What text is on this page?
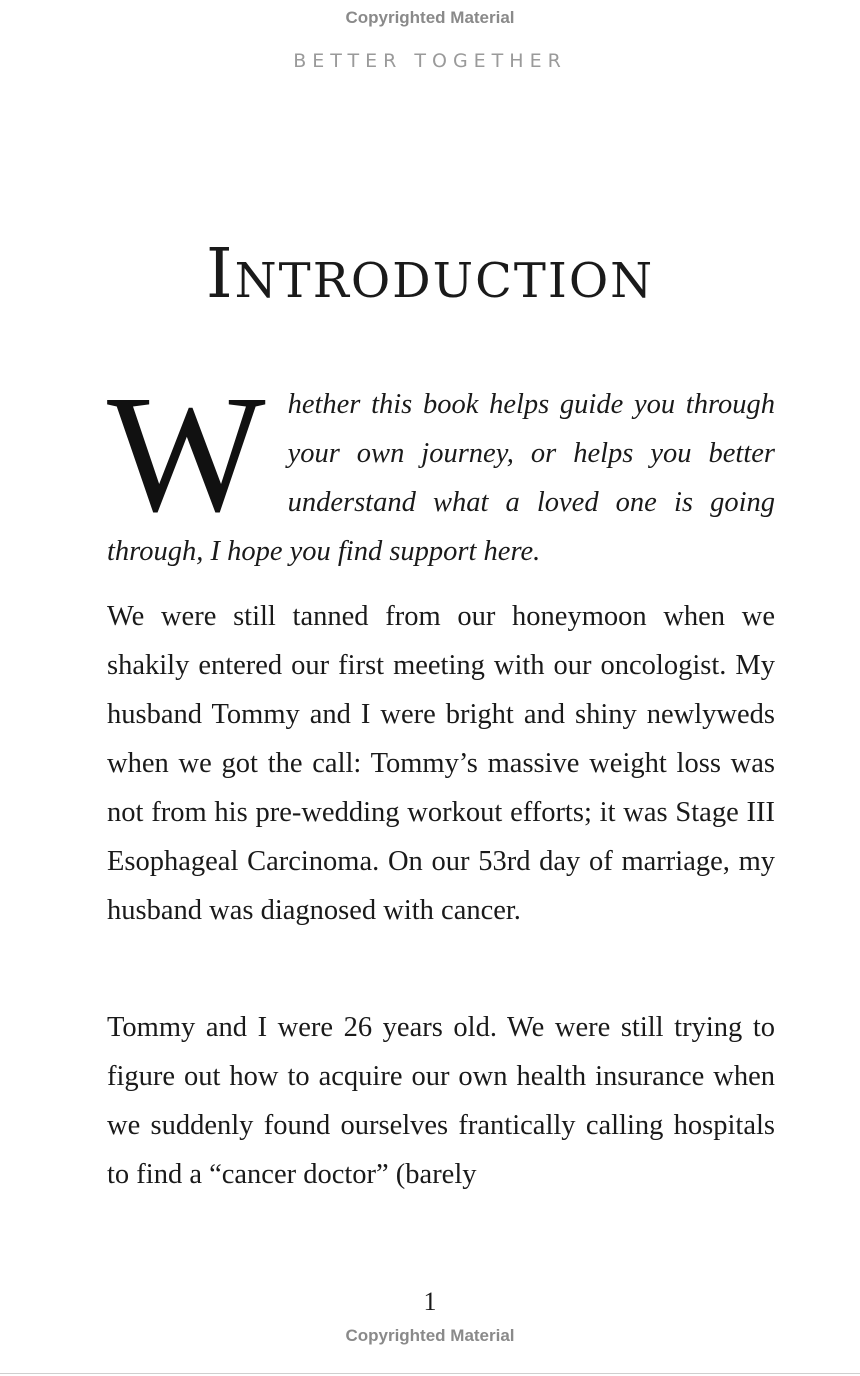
Copyrighted Material
BETTER TOGETHER
Introduction
Whether this book helps guide you through your own journey, or helps you better understand what a loved one is going through, I hope you find support here.
We were still tanned from our honeymoon when we shakily entered our first meeting with our oncologist. My husband Tommy and I were bright and shiny newlyweds when we got the call: Tommy’s massive weight loss was not from his pre-wedding workout efforts; it was Stage III Esophageal Carcinoma. On our 53rd day of marriage, my husband was diagnosed with cancer.
Tommy and I were 26 years old. We were still trying to figure out how to acquire our own health insurance when we suddenly found ourselves frantically calling hospitals to find a “cancer doctor” (barely
1
Copyrighted Material
